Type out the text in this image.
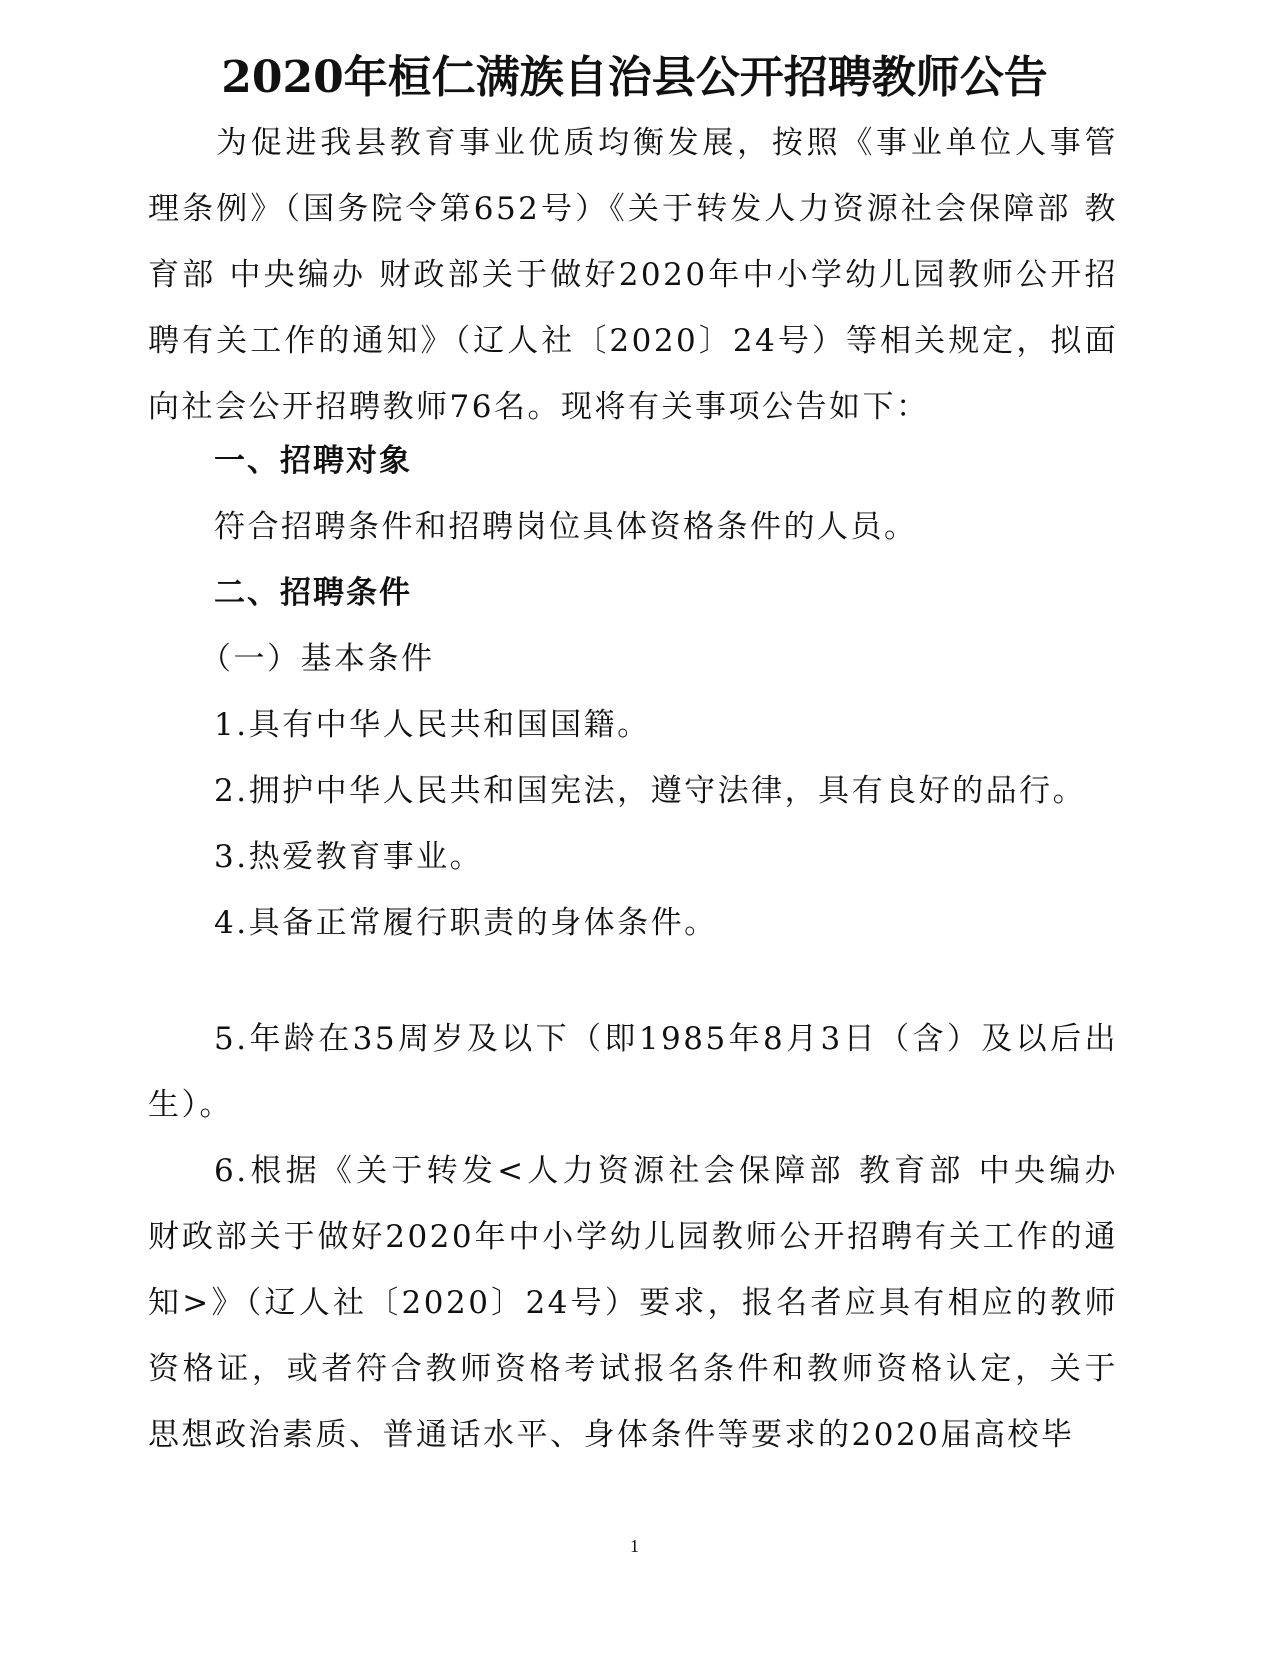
2020年桓仁满族自治县公开招聘教师公告

为促进我县教育事业优质均衡发展，按照《事业单位人事管理条例》（国务院令第652号）《关于转发人力资源社会保障部 教育部 中央编办 财政部关于做好2020年中小学幼儿园教师公开招聘有关工作的通知》（辽人社〔2020〕24号）等相关规定，拟面向社会公开招聘教师76名。现将有关事项公告如下：

一、招聘对象
符合招聘条件和招聘岗位具体资格条件的人员。
二、招聘条件
（一）基本条件
1.具有中华人民共和国国籍。
2.拥护中华人民共和国宪法，遵守法律，具有良好的品行。
3.热爱教育事业。
4.具备正常履行职责的身体条件。

5.年龄在35周岁及以下（即1985年8月3日（含）及以后出生）。

6.根据《关于转发<人力资源社会保障部 教育部 中央编办 财政部关于做好2020年中小学幼儿园教师公开招聘有关工作的通知>》（辽人社〔2020〕24号）要求，报名者应具有相应的教师资格证，或者符合教师资格考试报名条件和教师资格认定，关于思想政治素质、普通话水平、身体条件等要求的2020届高校毕

1
